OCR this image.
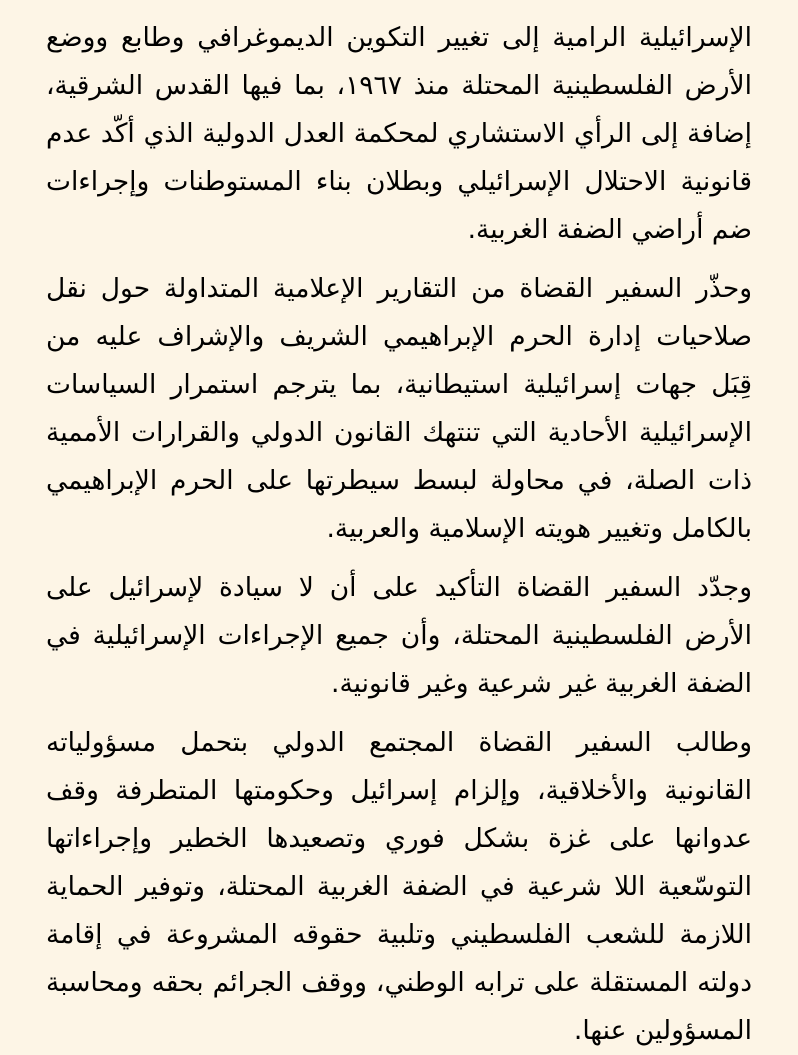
الإسرائيلية الرامية إلى تغيير التكوين الديموغرافي وطابع ووضع الأرض الفلسطينية المحتلة منذ ١٩٦٧، بما فيها القدس الشرقية، إضافة إلى الرأي الاستشاري لمحكمة العدل الدولية الذي أكّد عدم قانونية الاحتلال الإسرائيلي وبطلان بناء المستوطنات وإجراءات ضم أراضي الضفة الغربية.

وحذّر السفير القضاة من التقارير الإعلامية المتداولة حول نقل صلاحيات إدارة الحرم الإبراهيمي الشريف والإشراف عليه من قِبَل جهات إسرائيلية استيطانية، بما يترجم استمرار السياسات الإسرائيلية الأحادية التي تنتهك القانون الدولي والقرارات الأممية ذات الصلة، في محاولة لبسط سيطرتها على الحرم الإبراهيمي بالكامل وتغيير هويته الإسلامية والعربية.

وجدّد السفير القضاة التأكيد على أن لا سيادة لإسرائيل على الأرض الفلسطينية المحتلة، وأن جميع الإجراءات الإسرائيلية في الضفة الغربية غير شرعية وغير قانونية.

وطالب السفير القضاة المجتمع الدولي بتحمل مسؤولياته القانونية والأخلاقية، وإلزام إسرائيل وحكومتها المتطرفة وقف عدوانها على غزة بشكل فوري وتصعيدها الخطير وإجراءاتها التوسّعية اللا شرعية في الضفة الغربية المحتلة، وتوفير الحماية اللازمة للشعب الفلسطيني وتلبية حقوقه المشروعة في إقامة دولته المستقلة على ترابه الوطني، ووقف الجرائم بحقه ومحاسبة المسؤولين عنها.
